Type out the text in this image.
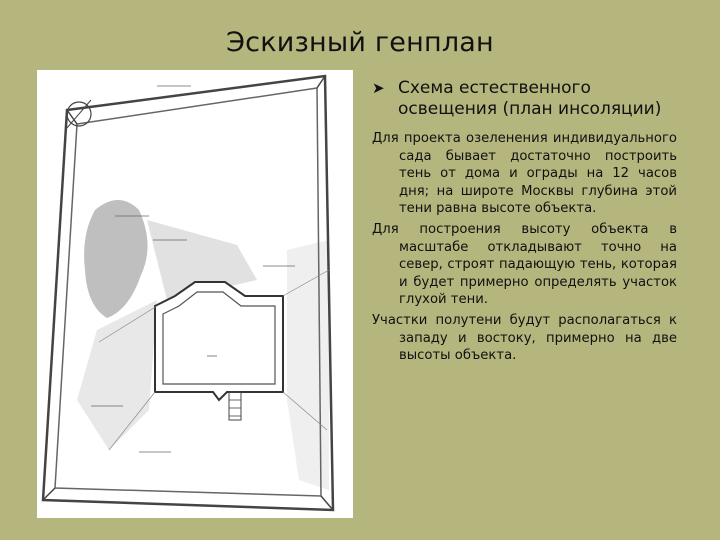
Эскизный генплан
➤ Схема естественного освещения (план инсоляции)

Для проекта озеленения индивидуального сада бывает достаточно построить тень от дома и ограды на 12 часов дня; на широте Москвы глубина этой тени равна высоте объекта.

Для построения высоту объекта в масштабе откладывают точно на север, строят падающую тень, которая и будет примерно определять участок глухой тени.

Участки полутени будут располагаться к западу и востоку, примерно на две высоты объекта.
